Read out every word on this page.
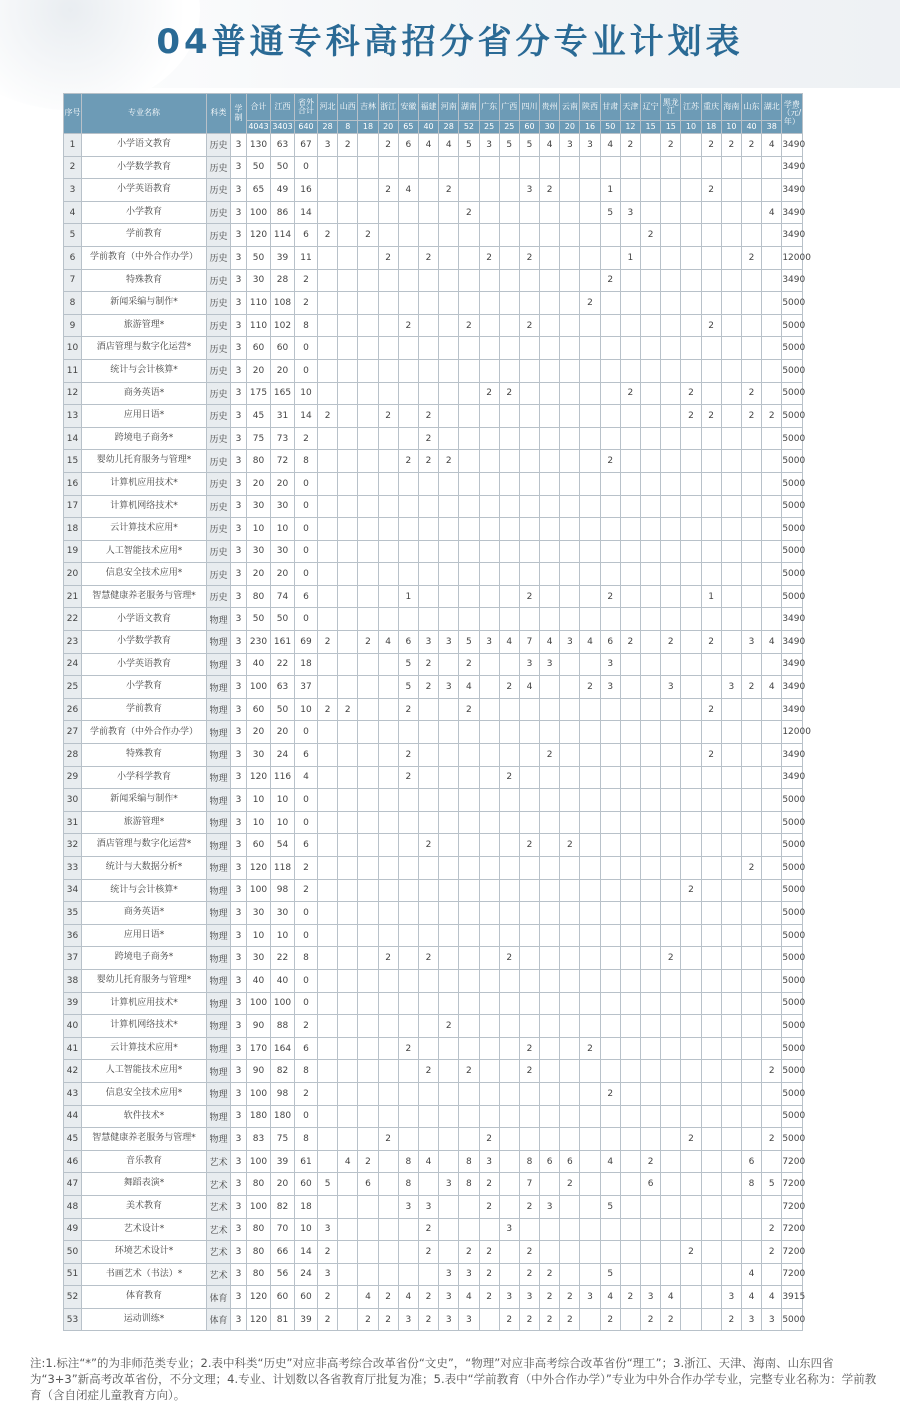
04普通专科高招分省分专业计划表
序号	专业名称	科类	学制	合计	江西	省外合计	河北	山西	吉林	浙江	安徽	福建	河南	湖南	广东	广西	四川	贵州	云南	陕西	甘肃	天津	辽宁	黑龙江	江苏	重庆	海南	山东	湖北	学费（元/年）
				4043	3403	640	28	8	18	20	65	40	28	52	25	25	60	30	20	16	50	12	15	15	10	18	10	40	38	
1	小学语文教育	历史	3	130	63	67	3	2		2	6	4	4	5	3	5	5	4	3	3	4	2		2		2	2	2	4	3490
2	小学数学教育	历史	3	50	50	0																								3490
3	小学英语教育	历史	3	65	49	16				2	4		2				3	2			1					2				3490
4	小学教育	历史	3	100	86	14								2							5	3							4	3490
5	学前教育	历史	3	120	114	6	2		2														2							3490
6	学前教育（中外合作办学）	历史	3	50	39	11				2		2			2		2					1						2		12000
7	特殊教育	历史	3	30	28	2															2									3490
8	新闻采编与制作*	历史	3	110	108	2														2										5000
9	旅游管理*	历史	3	110	102	8					2			2			2									2				5000
10	酒店管理与数字化运营*	历史	3	60	60	0																								5000
11	统计与会计核算*	历史	3	20	20	0																								5000
12	商务英语*	历史	3	175	165	10									2	2						2			2			2		5000
13	应用日语*	历史	3	45	31	14	2			2		2													2	2		2	2	5000
14	跨境电子商务*	历史	3	75	73	2						2																		5000
15	婴幼儿托育服务与管理*	历史	3	80	72	8					2	2	2								2									5000
16	计算机应用技术*	历史	3	20	20	0																								5000
17	计算机网络技术*	历史	3	30	30	0																								5000
18	云计算技术应用*	历史	3	10	10	0																								5000
19	人工智能技术应用*	历史	3	30	30	0																								5000
20	信息安全技术应用*	历史	3	20	20	0																								5000
21	智慧健康养老服务与管理*	历史	3	80	74	6					1						2				2					1				5000
22	小学语文教育	物理	3	50	50	0																								3490
23	小学数学教育	物理	3	230	161	69	2		2	4	6	3	3	5	3	4	7	4	3	4	6	2		2		2		3	4	3490
24	小学英语教育	物理	3	40	22	18					5	2		2			3	3			3									3490
25	小学教育	物理	3	100	63	37					5	2	3	4		2	4			2	3			3			3	2	4	3490
26	学前教育	物理	3	60	50	10	2	2			2			2												2				3490
27	学前教育（中外合作办学）	物理	3	20	20	0																								12000
28	特殊教育	物理	3	30	24	6					2							2								2				3490
29	小学科学教育	物理	3	120	116	4					2					2														3490
30	新闻采编与制作*	物理	3	10	10	0																								5000
31	旅游管理*	物理	3	10	10	0																								5000
32	酒店管理与数字化运营*	物理	3	60	54	6						2					2		2											5000
33	统计与大数据分析*	物理	3	120	118	2																						2		5000
34	统计与会计核算*	物理	3	100	98	2																			2					5000
35	商务英语*	物理	3	30	30	0																								5000
36	应用日语*	物理	3	10	10	0																								5000
37	跨境电子商务*	物理	3	30	22	8				2		2				2								2						5000
38	婴幼儿托育服务与管理*	物理	3	40	40	0																								5000
39	计算机应用技术*	物理	3	100	100	0																								5000
40	计算机网络技术*	物理	3	90	88	2							2																	5000
41	云计算技术应用*	物理	3	170	164	6					2						2			2										5000
42	人工智能技术应用*	物理	3	90	82	8						2		2			2												2	5000
43	信息安全技术应用*	物理	3	100	98	2															2									5000
44	软件技术*	物理	3	180	180	0																								5000
45	智慧健康养老服务与管理*	物理	3	83	75	8				2					2										2				2	5000
46	音乐教育	艺术	3	100	39	61		4	2		8	4		8	3		8	6	6		4		2					6		7200
47	舞蹈表演*	艺术	3	80	20	60	5		6		8		3	8	2		7		2				6					8	5	7200
48	美术教育	艺术	3	100	82	18					3	3			2		2	3			5									7200
49	艺术设计*	艺术	3	80	70	10	3					2				3													2	7200
50	环境艺术设计*	艺术	3	80	66	14	2					2		2	2		2								2				2	7200
51	书画艺术（书法）*	艺术	3	80	56	24	3						3	3	2		2	2			5							4		7200
52	体育教育	体育	3	120	60	60	2		4	2	4	2	3	4	2	3	3	2	2	3	4	2	3	4			3	4	4	3915
53	运动训练*	体育	3	120	81	39	2		2	2	3	2	3	3		2	2	2	2		2		2	2			2	3	3	5000
注:1.标注“*”的为非师范类专业；2.表中科类“历史”对应非高考综合改革省份“文史”，“物理”对应非高考综合改革省份“理工”；3.浙江、天津、海南、山东四省为“3+3”新高考改革省份，不分文理；4.专业、计划数以各省教育厅批复为准；5.表中“学前教育（中外合作办学）”专业为中外合作办学专业，完整专业名称为：学前教育（含自闭症儿童教育方向）。
